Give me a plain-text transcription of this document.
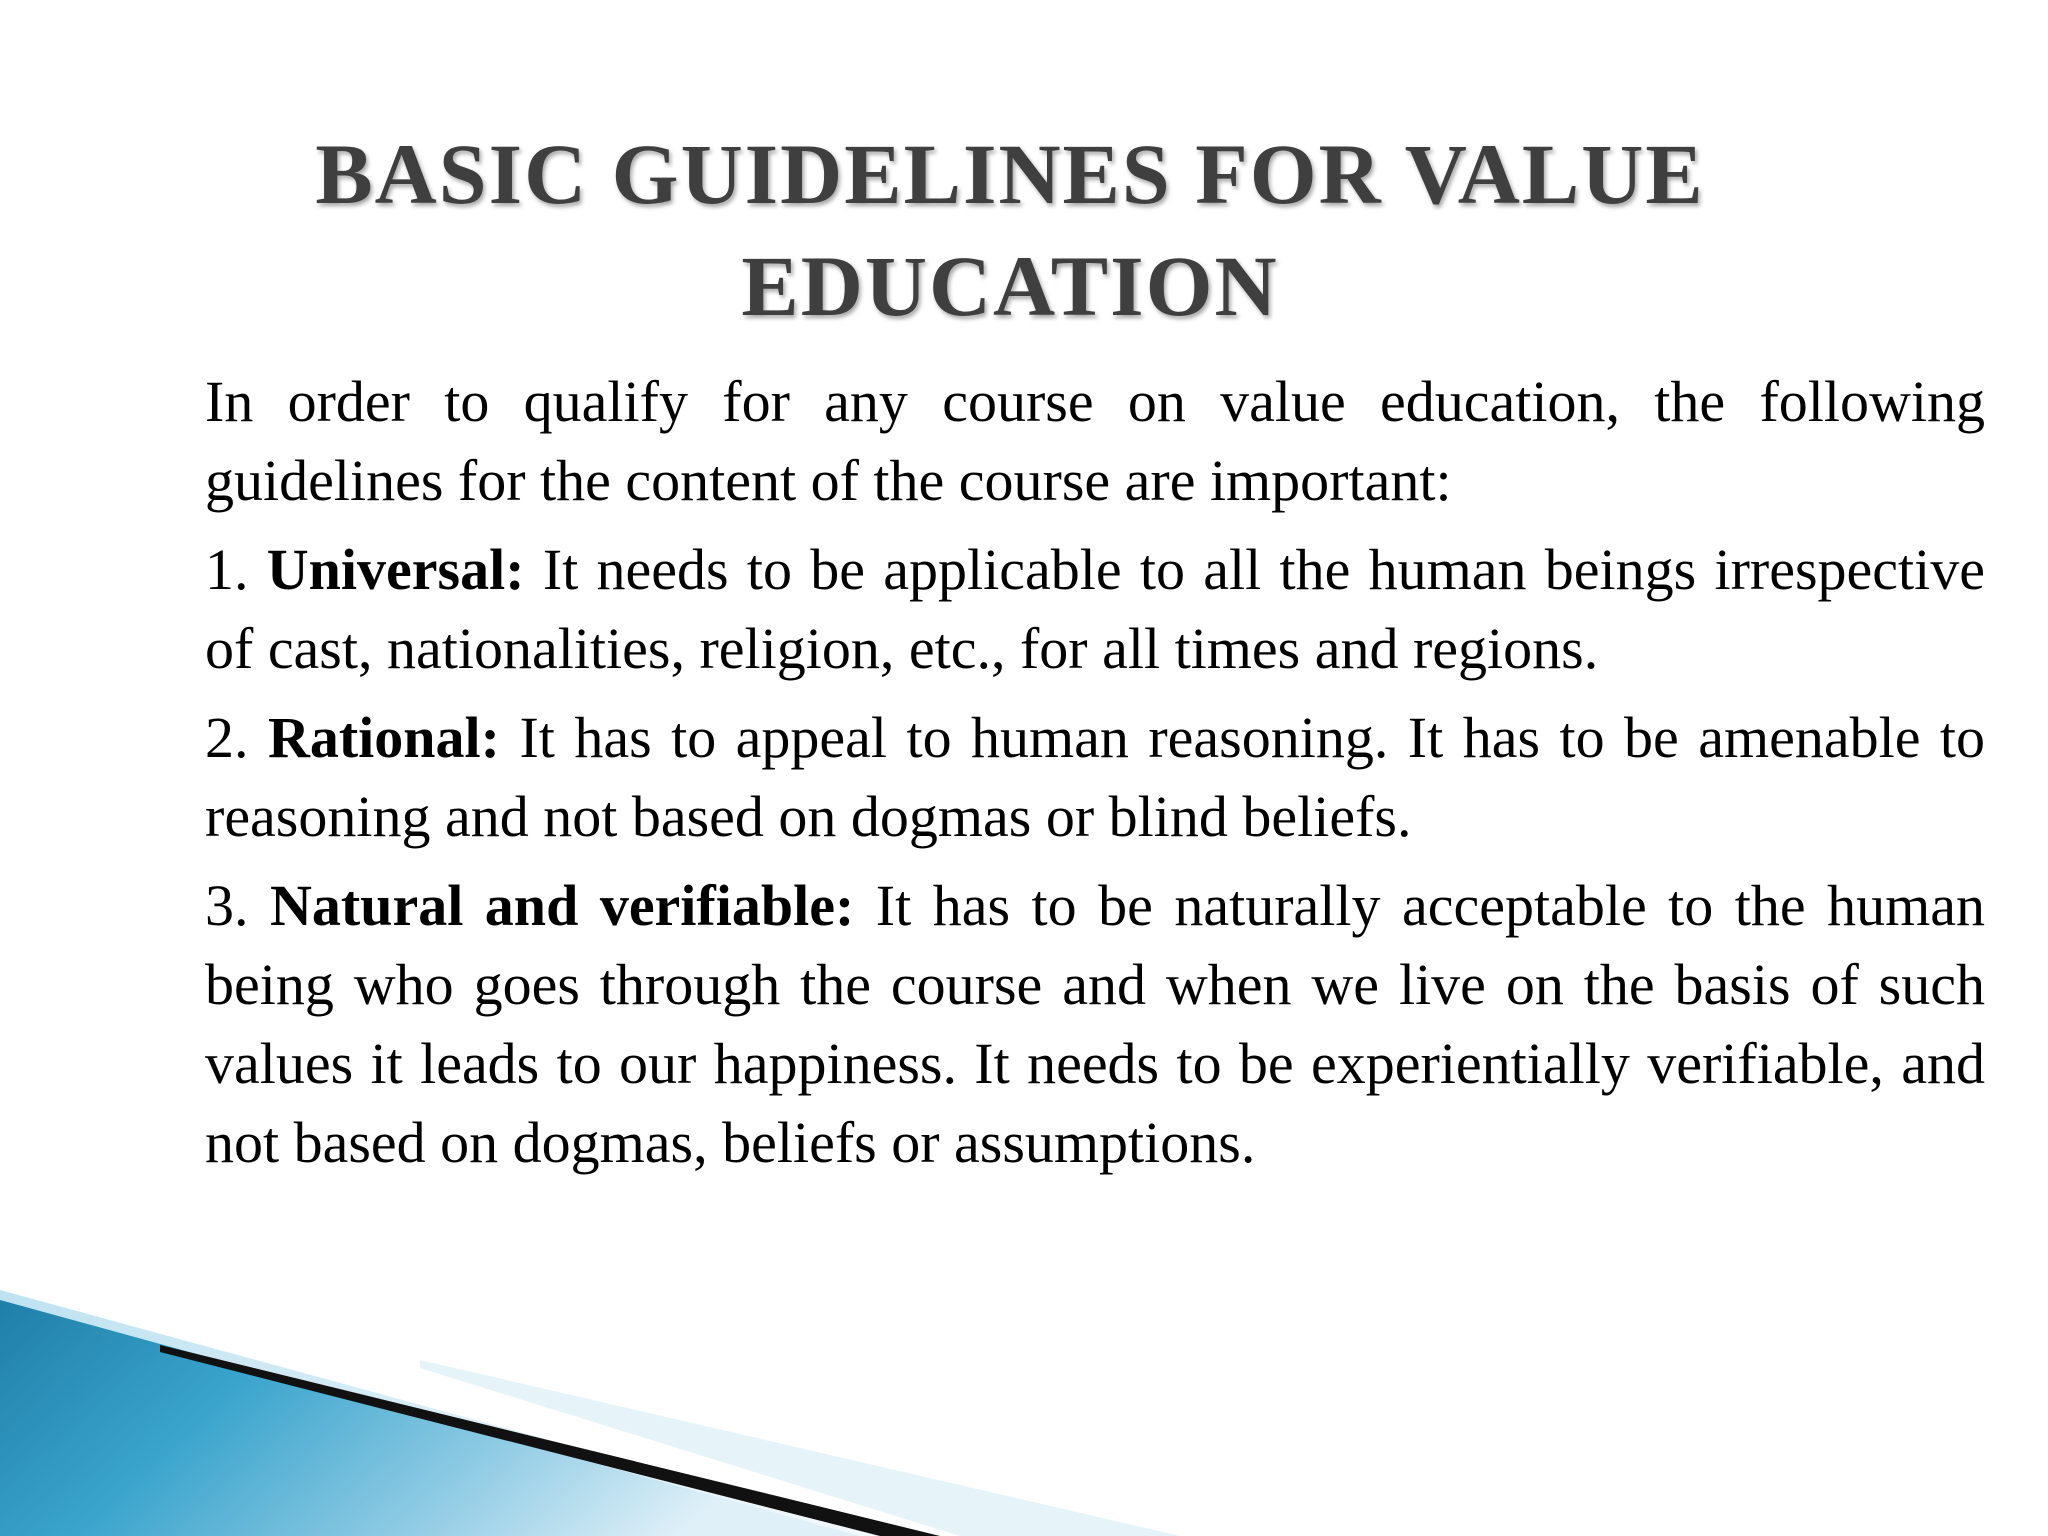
BASIC GUIDELINES FOR VALUE
EDUCATION

In order to qualify for any course on value education, the following guidelines for the content of the course are important:

1. Universal: It needs to be applicable to all the human beings irrespective of cast, nationalities, religion, etc., for all times and regions.

2. Rational: It has to appeal to human reasoning. It has to be amenable to reasoning and not based on dogmas or blind beliefs.

3. Natural and verifiable: It has to be naturally acceptable to the human being who goes through the course and when we live on the basis of such values it leads to our happiness. It needs to be experientially verifiable, and not based on dogmas, beliefs or assumptions.
